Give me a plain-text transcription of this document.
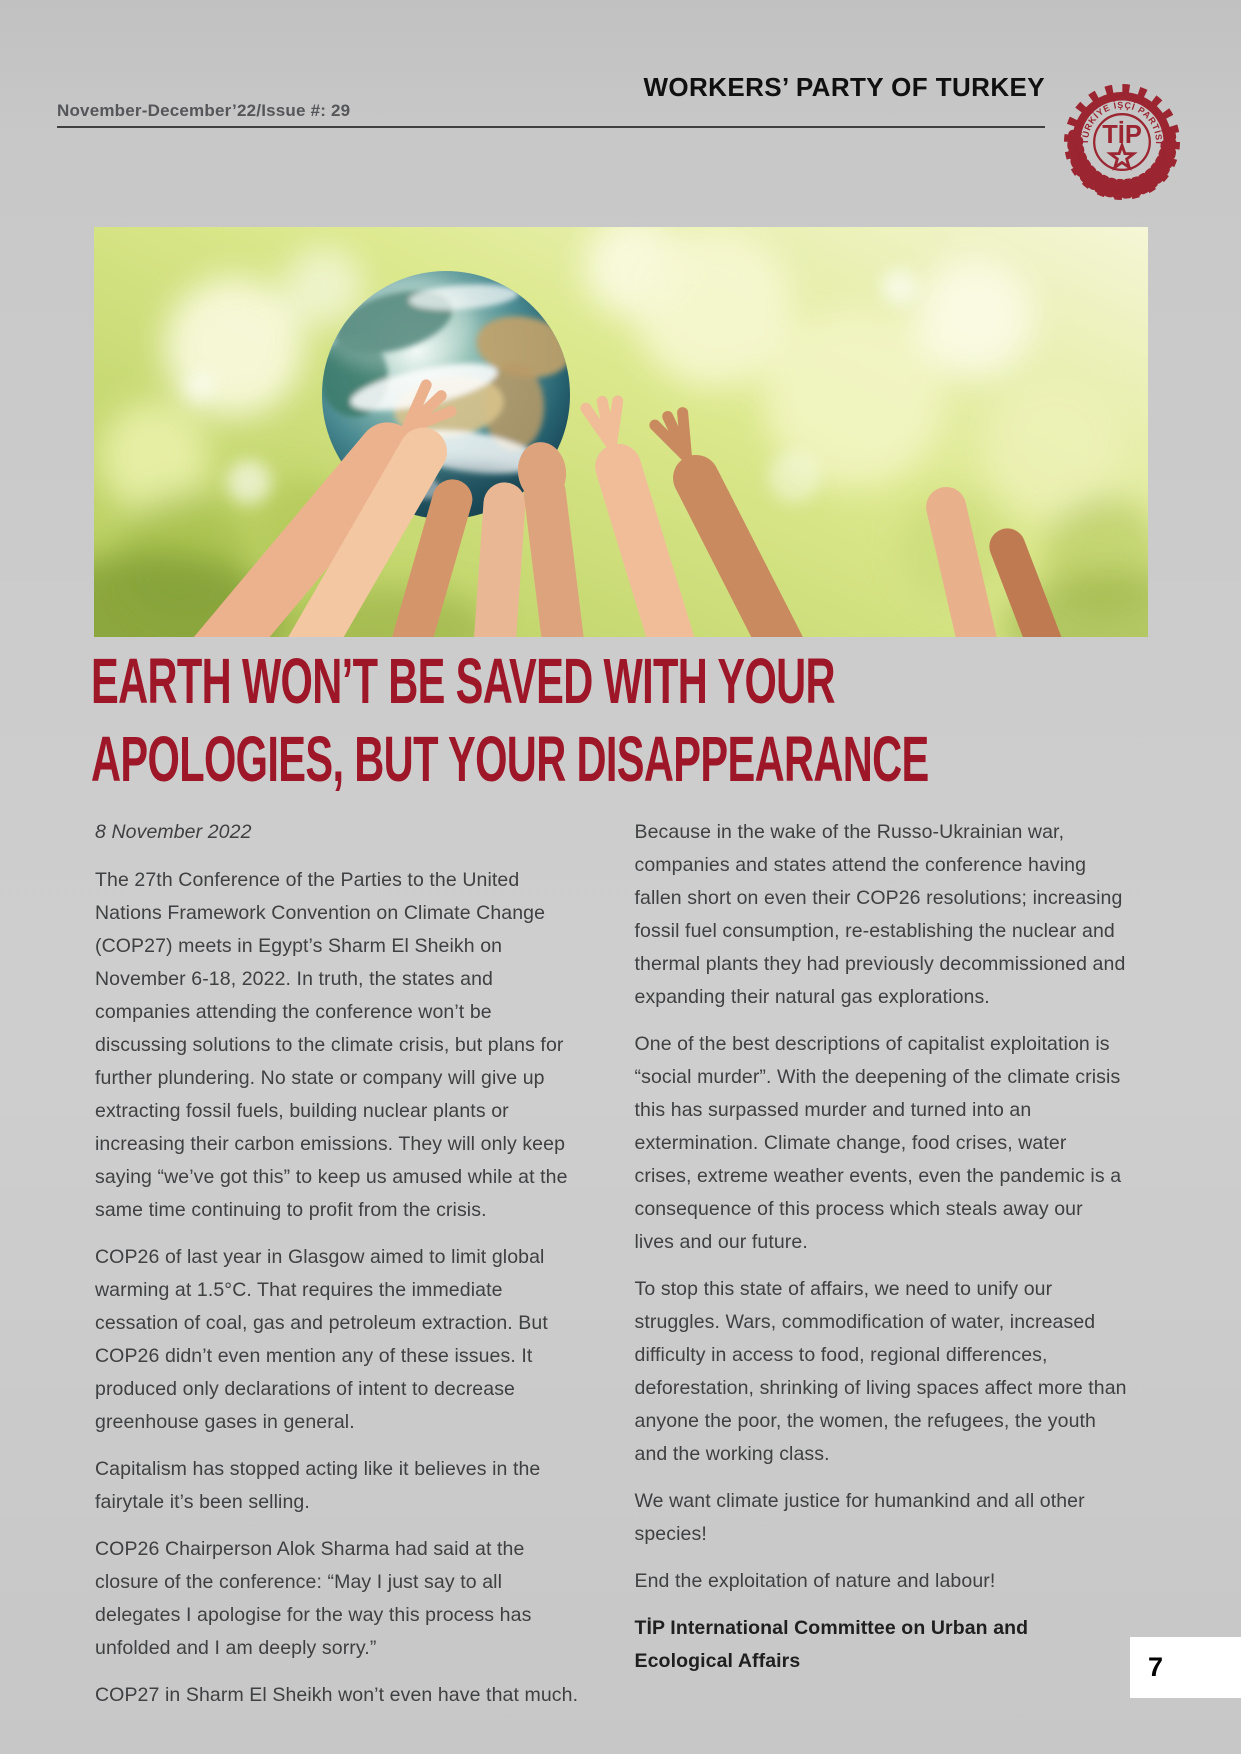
November-December’22/Issue #: 29
WORKERS’ PARTY OF TURKEY
TÜRKİYE İŞÇİ PARTİSİ
TİP
EARTH WON’T BE SAVED WITH YOUR
APOLOGIES, BUT YOUR DISAPPEARANCE

8 November 2022

The 27th Conference of the Parties to the United Nations Framework Convention on Climate Change (COP27) meets in Egypt’s Sharm El Sheikh on November 6-18, 2022. In truth, the states and companies attending the conference won’t be discussing solutions to the climate crisis, but plans for further plundering. No state or company will give up extracting fossil fuels, building nuclear plants or increasing their carbon emissions. They will only keep saying “we’ve got this” to keep us amused while at the same time continuing to profit from the crisis.

COP26 of last year in Glasgow aimed to limit global warming at 1.5°C. That requires the immediate cessation of coal, gas and petroleum extraction. But COP26 didn’t even mention any of these issues. It produced only declarations of intent to decrease greenhouse gases in general.

Capitalism has stopped acting like it believes in the fairytale it’s been selling.

COP26 Chairperson Alok Sharma had said at the closure of the conference: “May I just say to all delegates I apologise for the way this process has unfolded and I am deeply sorry.”

COP27 in Sharm El Sheikh won’t even have that much.

Because in the wake of the Russo-Ukrainian war, companies and states attend the conference having fallen short on even their COP26 resolutions; increasing fossil fuel consumption, re-establishing the nuclear and thermal plants they had previously decommissioned and expanding their natural gas explorations.

One of the best descriptions of capitalist exploitation is “social murder”. With the deepening of the climate crisis this has surpassed murder and turned into an extermination. Climate change, food crises, water crises, extreme weather events, even the pandemic is a consequence of this process which steals away our lives and our future.

To stop this state of affairs, we need to unify our struggles. Wars, commodification of water, increased difficulty in access to food, regional differences, deforestation, shrinking of living spaces affect more than anyone the poor, the women, the refugees, the youth and the working class.

We want climate justice for humankind and all other species!

End the exploitation of nature and labour!

TİP International Committee on Urban and Ecological Affairs	7
